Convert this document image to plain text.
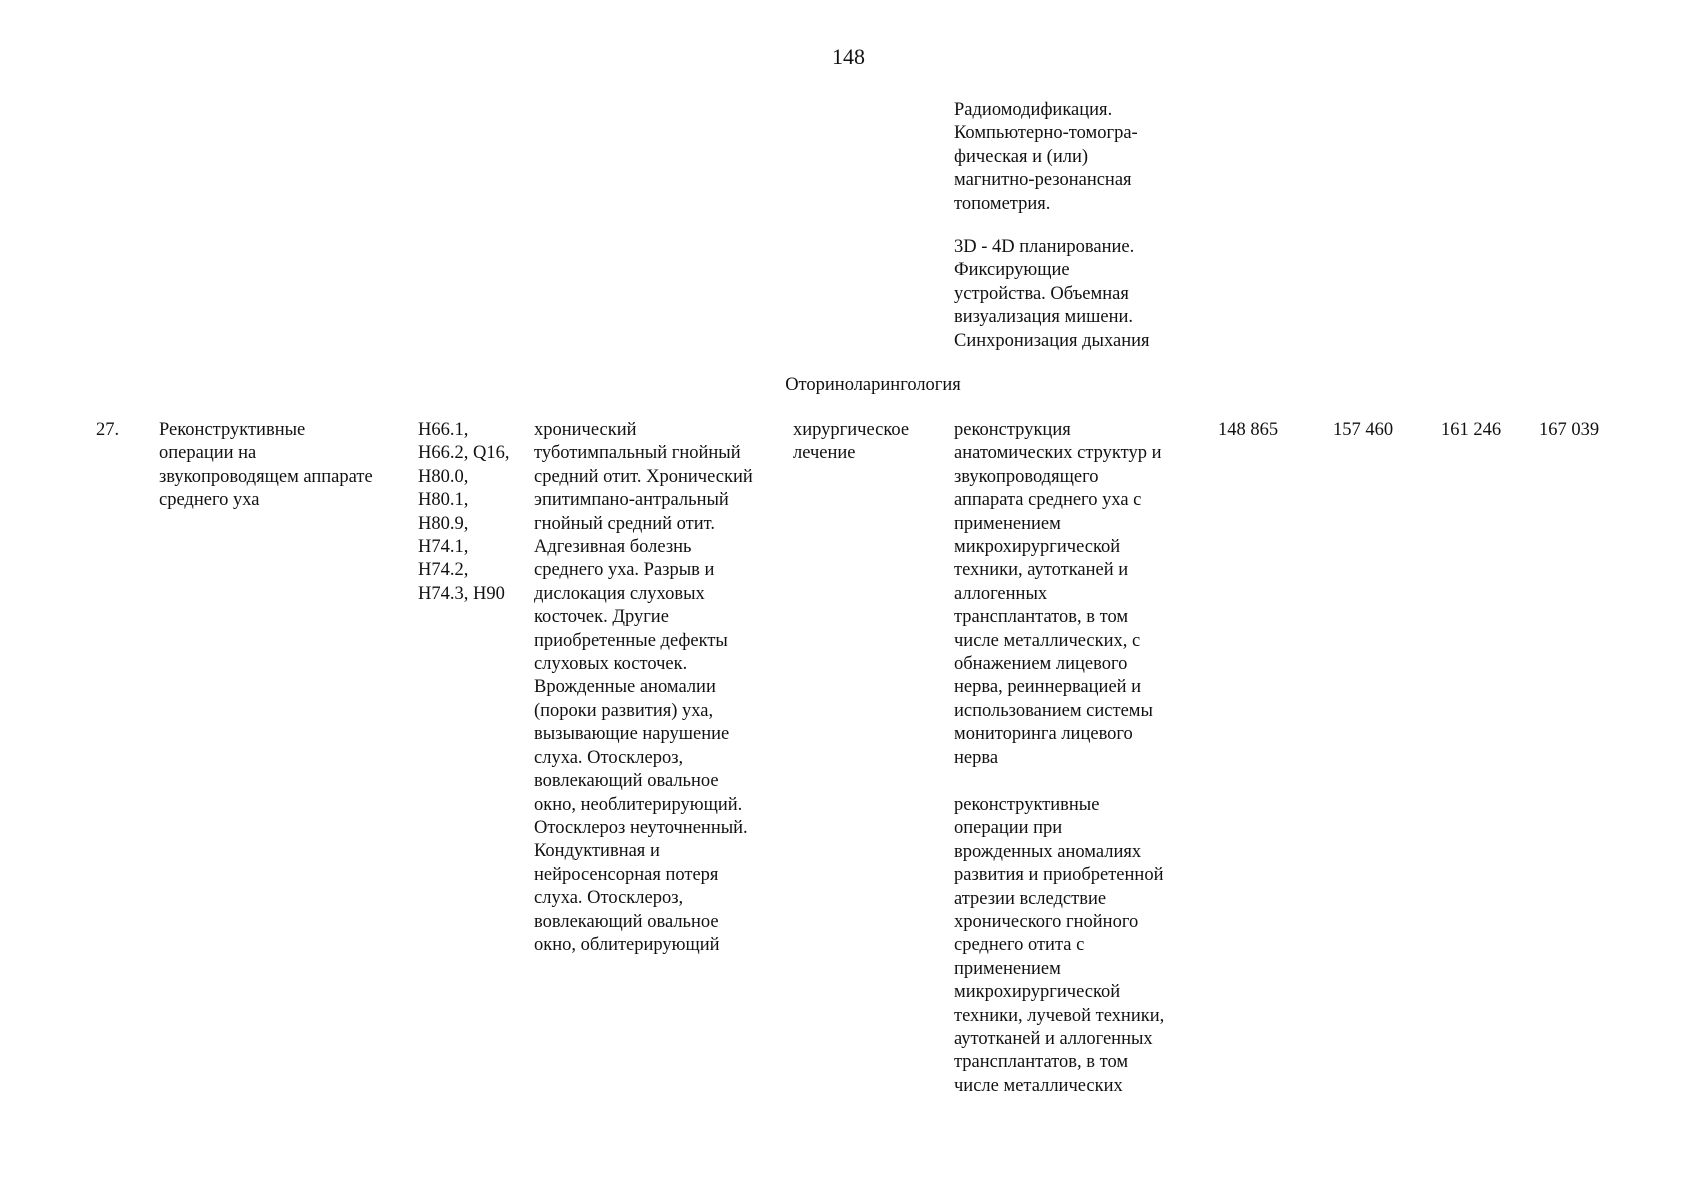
148

Радиомодификация.
Компьютерно-томогра-
фическая и (или)
магнитно-резонансная
топометрия.

3D - 4D планирование.
Фиксирующие
устройства. Объемная
визуализация мишени.
Синхронизация дыхания

Оториноларингология

27. Реконструктивные
операции на
звукопроводящем аппарате
среднего уха

H66.1,
H66.2, Q16,
H80.0,
H80.1,
H80.9,
H74.1,
H74.2,
H74.3, H90

хронический
туботимпальный гнойный
средний отит. Хронический
эпитимпано-антральный
гнойный средний отит.
Адгезивная болезнь
среднего уха. Разрыв и
дислокация слуховых
косточек. Другие
приобретенные дефекты
слуховых косточек.
Врожденные аномалии
(пороки развития) уха,
вызывающие нарушение
слуха. Отосклероз,
вовлекающий овальное
окно, необлитерирующий.
Отосклероз неуточненный.
Кондуктивная и
нейросенсорная потеря
слуха. Отосклероз,
вовлекающий овальное
окно, облитерирующий

хирургическое
лечение

реконструкция
анатомических структур и
звукопроводящего
аппарата среднего уха с
применением
микрохирургической
техники, аутотканей и
аллогенных
трансплантатов, в том
числе металлических, с
обнажением лицевого
нерва, реиннервацией и
использованием системы
мониторинга лицевого
нерва

реконструктивные
операции при
врожденных аномалиях
развития и приобретенной
атрезии вследствие
хронического гнойного
среднего отита с
применением
микрохирургической
техники, лучевой техники,
аутотканей и аллогенных
трансплантатов, в том
числе металлических

148 865	157 460	161 246 167 039
